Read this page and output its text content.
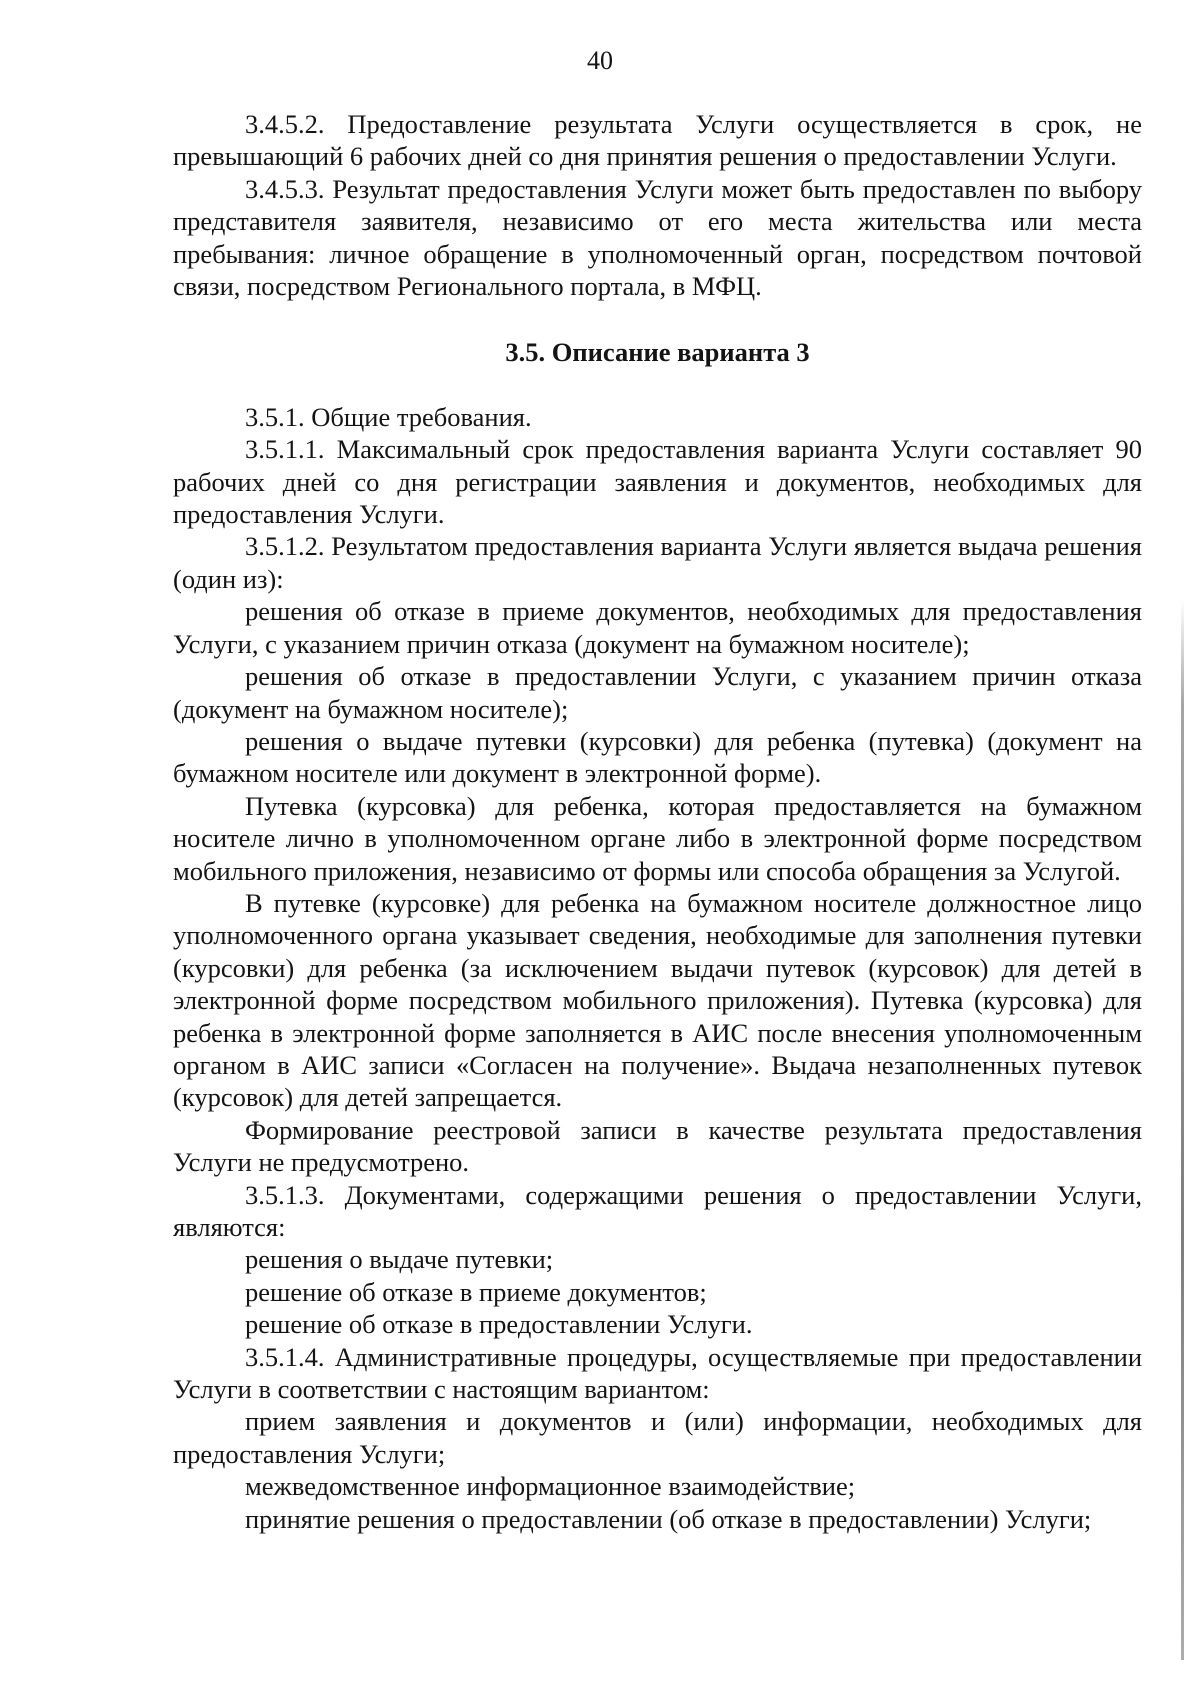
40

3.4.5.2. Предоставление результата Услуги осуществляется в срок, не превышающий 6 рабочих дней со дня принятия решения о предоставлении Услуги.

3.4.5.3. Результат предоставления Услуги может быть предоставлен по выбору представителя заявителя, независимо от его места жительства или места пребывания: личное обращение в уполномоченный орган, посредством почтовой связи, посредством Регионального портала, в МФЦ.

3.5. Описание варианта 3

3.5.1. Общие требования.

3.5.1.1. Максимальный срок предоставления варианта Услуги составляет 90 рабочих дней со дня регистрации заявления и документов, необходимых для предоставления Услуги.

3.5.1.2. Результатом предоставления варианта Услуги является выдача решения (один из):

решения об отказе в приеме документов, необходимых для предоставления Услуги, с указанием причин отказа (документ на бумажном носителе);

решения об отказе в предоставлении Услуги, с указанием причин отказа (документ на бумажном носителе);

решения о выдаче путевки (курсовки) для ребенка (путевка) (документ на бумажном носителе или документ в электронной форме).

Путевка (курсовка) для ребенка, которая предоставляется на бумажном носителе лично в уполномоченном органе либо в электронной форме посредством мобильного приложения, независимо от формы или способа обращения за Услугой.

В путевке (курсовке) для ребенка на бумажном носителе должностное лицо уполномоченного органа указывает сведения, необходимые для заполнения путевки (курсовки) для ребенка (за исключением выдачи путевок (курсовок) для детей в электронной форме посредством мобильного приложения). Путевка (курсовка) для ребенка в электронной форме заполняется в АИС после внесения уполномоченным органом в АИС записи «Согласен на получение». Выдача незаполненных путевок (курсовок) для детей запрещается.

Формирование реестровой записи в качестве результата предоставления Услуги не предусмотрено.

3.5.1.3. Документами, содержащими решения о предоставлении Услуги, являются:

решения о выдаче путевки;

решение об отказе в приеме документов;

решение об отказе в предоставлении Услуги.

3.5.1.4. Административные процедуры, осуществляемые при предоставлении Услуги в соответствии с настоящим вариантом:

прием заявления и документов и (или) информации, необходимых для предоставления Услуги;

межведомственное информационное взаимодействие;

принятие решения о предоставлении (об отказе в предоставлении) Услуги;
